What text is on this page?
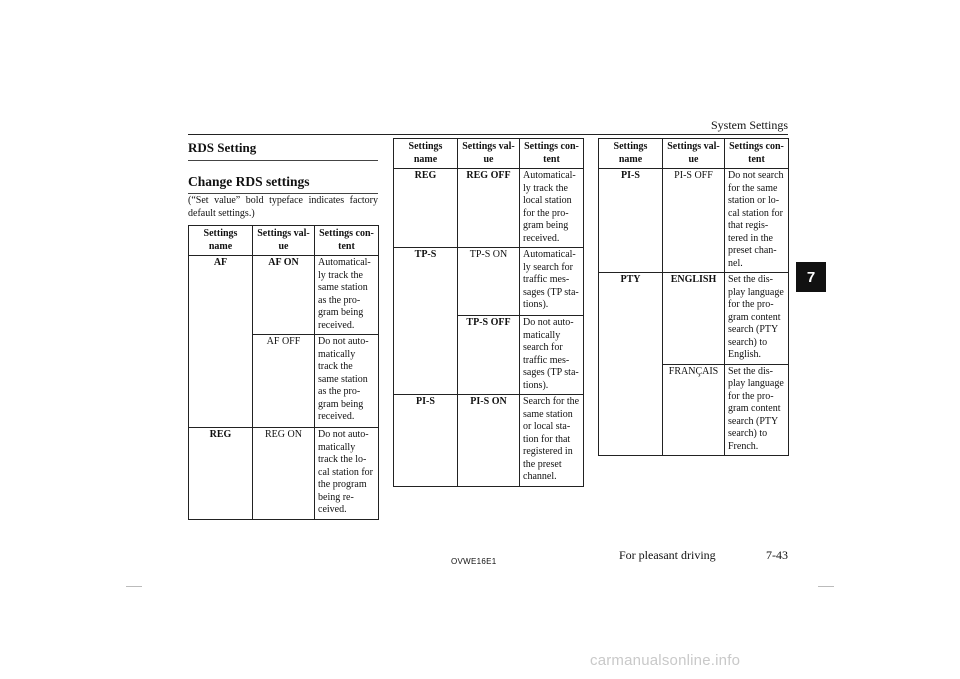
System Settings
7
RDS Setting
Change RDS settings
(“Set value” bold typeface indicates factory default settings.)
Settings name	Settings val-ue	Settings con-tent
AF	AF ON	Automatical-ly track the same station as the pro-gram being received.
	AF OFF	Do not auto-matically track the same station as the pro-gram being received.
REG	REG ON	Do not auto-matically track the lo-cal station for the program being re-ceived.
Settings name	Settings val-ue	Settings con-tent
REG	REG OFF	Automatical-ly track the local station for the pro-gram being received.
TP-S	TP-S ON	Automatical-ly search for traffic mes-sages (TP sta-tions).
	TP-S OFF	Do not auto-matically search for traffic mes-sages (TP sta-tions).
PI-S	PI-S ON	Search for the same station or local sta-tion for that registered in the preset channel.
Settings name	Settings val-ue	Settings con-tent
PI-S	PI-S OFF	Do not search for the same station or lo-cal station for that regis-tered in the preset chan-nel.
PTY	ENGLISH	Set the dis-play language for the pro-gram content search (PTY search) to English.
	FRANÇAIS	Set the dis-play language for the pro-gram content search (PTY search) to French.
OVWE16E1	For pleasant driving	7-43
carmanualsonline.info
